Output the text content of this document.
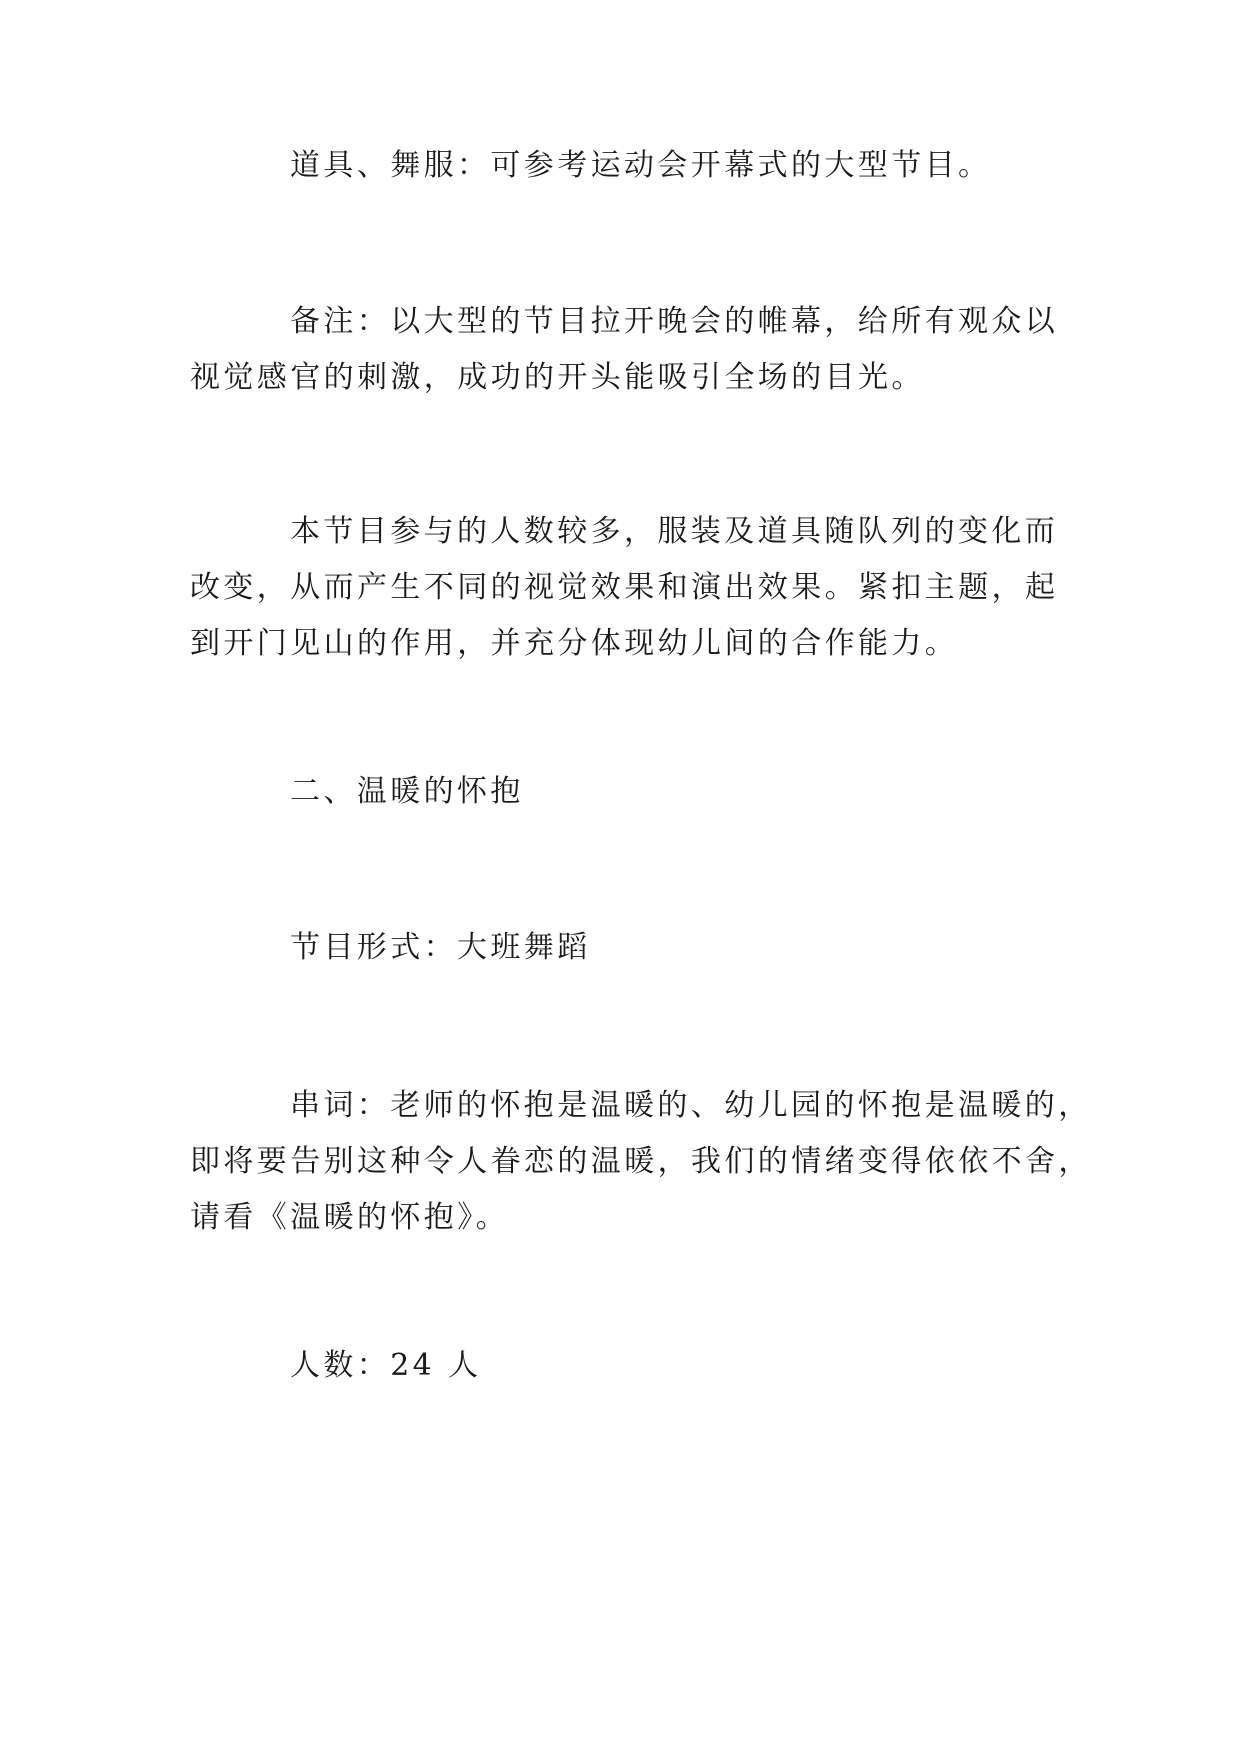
道具、舞服：可参考运动会开幕式的大型节目。
备注：以大型的节目拉开晚会的帷幕，给所有观众以
视觉感官的刺激，成功的开头能吸引全场的目光。
本节目参与的人数较多，服装及道具随队列的变化而
改变，从而产生不同的视觉效果和演出效果。紧扣主题，起
到开门见山的作用，并充分体现幼儿间的合作能力。
二、温暖的怀抱
节目形式：大班舞蹈
串词：老师的怀抱是温暖的、幼儿园的怀抱是温暖的，
即将要告别这种令人眷恋的温暖，我们的情绪变得依依不舍，
请看《温暖的怀抱》。
人数：24 人
